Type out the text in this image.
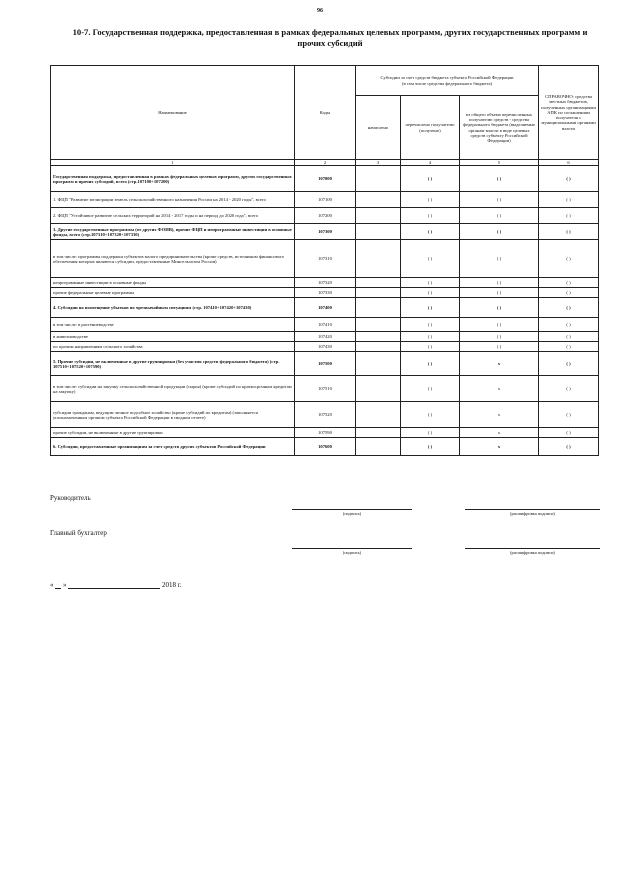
96
10-7. Государственная поддержка, предоставленная в рамках федеральных целевых программ, других государственных программ и прочих субсидий
Наименование	Коды	Субсидии за счет средств бюджета субъекта Российской Федерации
(в том числе средства федерального бюджета)			СПРАВОЧНО: средства местных бюджетов, полученных организациями АПК по соглашениям получателя с муниципальными органами власти
		начислено	перечислено получателю (получено)	из общего объема перечисленных получателю средств - средства федерального бюджета (выделяемые органам власти в виде целевых средств субъекту Российской Федерации)	
1	2	3	4	5	6
Государственная поддержка, предоставленная в рамках федеральных целевых программ, других государственных программ и прочих субсидий, всего (стр.107100+107200)	107000		( )	( )	( )
1. ФЦП "Развитие мелиорации земель сельскохозяйственного назначения России на 2014 - 2020 годы", всего	107100		( )	( )	( )
2. ФЦП "Устойчивое развитие сельских территорий на 2014 - 2017 годы и на период до 2020 года", всего	107200		( )	( )	( )
3. Другие государственные программы (от других ФОИВ), прочие ФЦП и непрограммные инвестиции в основные фонды, всего (стр.107310+107320+107330)	107300		( )	( )	( )
в том числе: программы поддержки субъектов малого предпринимательства (кроме средств, источником финансового обеспечения которых являются субсидии, предоставленные Минсельхозом России)	107310		( )	( )	( )
непрограммные инвестиции в основные фонды	107320		( )	( )	( )
прочие федеральные целевые программы	107330		( )	( )	( )
4. Субсидии на возмещение убытков по чрезвычайным ситуациям (стр. 107410+107420+107430)	107400		( )	( )	( )
в том числе: в растениеводстве	107410		( )	( )	( )
в животноводстве	107420		( )	( )	( )
по прочим направлениям сельского хозяйства	107430		( )	( )	( )
5. Прочие субсидии, не включенные в другие группировки (без участия средств федерального бюджета) (стр. 107510+107520+107590)	107500		( )	x	( )
в том числе: субсидии на закупку сельскохозяйственной продукции (сырья) (кроме субсидий по краткосрочным кредитам на закупку)	107510		( )	x	( )
субсидии гражданам, ведущим личное подсобное хозяйство (кроме субсидий по кредитам) (заполняется уполномоченным органом субъекта Российской Федерации в сводном отчете)	107520		( )	x	( )
прочие субсидии, не включенные в другие группировки	107590		( )	x	( )
6. Субсидии, предоставленные организациям за счет средств других субъектов Российской Федерации	107600		( )	x	( )
Руководитель
(подпись)	(расшифровка подписи)
Главный бухгалтер
(подпись)	(расшифровка подписи)
« »	2018 г.
